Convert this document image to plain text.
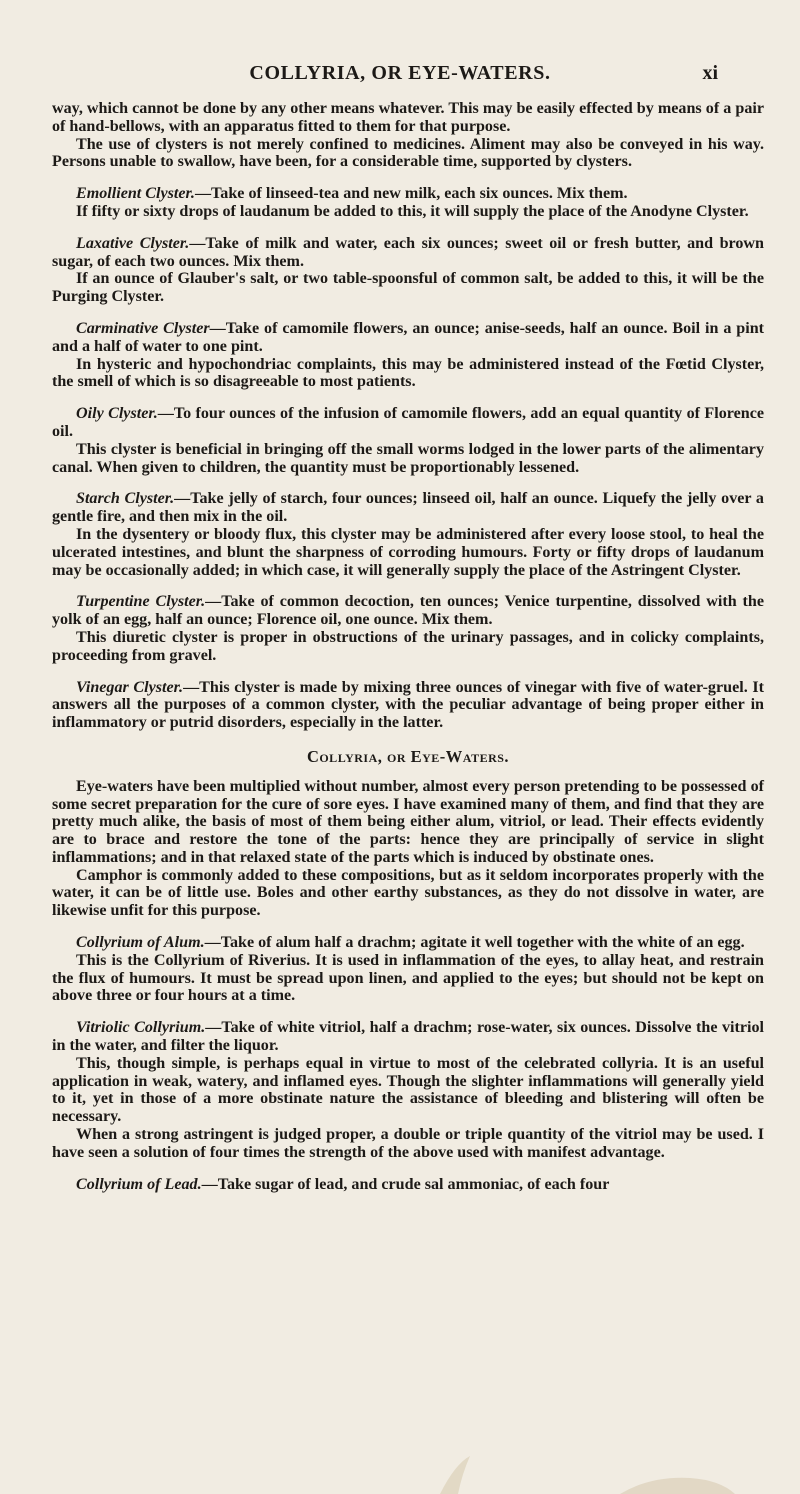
COLLYRIA, OR EYE-WATERS.	xi

way, which cannot be done by any other means whatever. This may be easily effected by means of a pair of hand-bellows, with an apparatus fitted to them for that purpose.

The use of clysters is not merely confined to medicines. Aliment may also be conveyed in his way. Persons unable to swallow, have been, for a considerable time, supported by clysters.

Emollient Clyster.—Take of linseed-tea and new milk, each six ounces. Mix them.

If fifty or sixty drops of laudanum be added to this, it will supply the place of the Anodyne Clyster.

Laxative Clyster.—Take of milk and water, each six ounces; sweet oil or fresh butter, and brown sugar, of each two ounces. Mix them.

If an ounce of Glauber's salt, or two table-spoonsful of common salt, be added to this, it will be the Purging Clyster.

Carminative Clyster—Take of camomile flowers, an ounce; anise-seeds, half an ounce. Boil in a pint and a half of water to one pint.

In hysteric and hypochondriac complaints, this may be administered instead of the Fœtid Clyster, the smell of which is so disagreeable to most patients.

Oily Clyster.—To four ounces of the infusion of camomile flowers, add an equal quantity of Florence oil.

This clyster is beneficial in bringing off the small worms lodged in the lower parts of the alimentary canal. When given to children, the quantity must be proportionably lessened.

Starch Clyster.—Take jelly of starch, four ounces; linseed oil, half an ounce. Liquefy the jelly over a gentle fire, and then mix in the oil.

In the dysentery or bloody flux, this clyster may be administered after every loose stool, to heal the ulcerated intestines, and blunt the sharpness of corroding humours. Forty or fifty drops of laudanum may be occasionally added; in which case, it will generally supply the place of the Astringent Clyster.

Turpentine Clyster.—Take of common decoction, ten ounces; Venice turpentine, dissolved with the yolk of an egg, half an ounce; Florence oil, one ounce. Mix them.

This diuretic clyster is proper in obstructions of the urinary passages, and in colicky complaints, proceeding from gravel.

Vinegar Clyster.—This clyster is made by mixing three ounces of vinegar with five of water-gruel. It answers all the purposes of a common clyster, with the peculiar advantage of being proper either in inflammatory or putrid disorders, especially in the latter.

Collyria, or Eye-Waters.

Eye-waters have been multiplied without number, almost every person pretending to be possessed of some secret preparation for the cure of sore eyes. I have examined many of them, and find that they are pretty much alike, the basis of most of them being either alum, vitriol, or lead. Their effects evidently are to brace and restore the tone of the parts: hence they are principally of service in slight inflammations; and in that relaxed state of the parts which is induced by obstinate ones.

Camphor is commonly added to these compositions, but as it seldom incorporates properly with the water, it can be of little use. Boles and other earthy substances, as they do not dissolve in water, are likewise unfit for this purpose.

Collyrium of Alum.—Take of alum half a drachm; agitate it well together with the white of an egg.

This is the Collyrium of Riverius. It is used in inflammation of the eyes, to allay heat, and restrain the flux of humours. It must be spread upon linen, and applied to the eyes; but should not be kept on above three or four hours at a time.

Vitriolic Collyrium.—Take of white vitriol, half a drachm; rose-water, six ounces. Dissolve the vitriol in the water, and filter the liquor.

This, though simple, is perhaps equal in virtue to most of the celebrated collyria. It is an useful application in weak, watery, and inflamed eyes. Though the slighter inflammations will generally yield to it, yet in those of a more obstinate nature the assistance of bleeding and blistering will often be necessary.

When a strong astringent is judged proper, a double or triple quantity of the vitriol may be used. I have seen a solution of four times the strength of the above used with manifest advantage.

Collyrium of Lead.—Take sugar of lead, and crude sal ammoniac, of each four
